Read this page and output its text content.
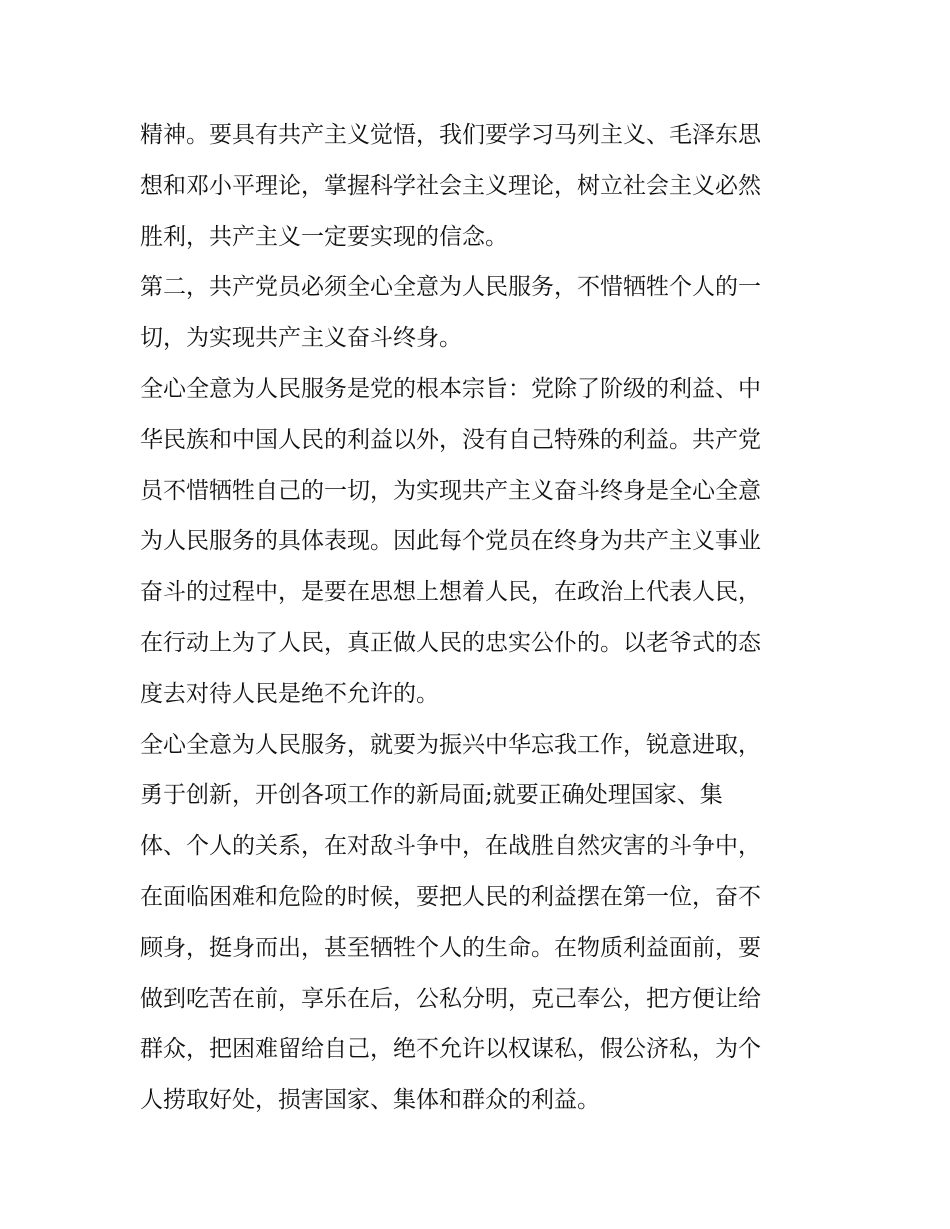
精神。要具有共产主义觉悟，我们要学习马列主义、毛泽东思
想和邓小平理论，掌握科学社会主义理论，树立社会主义必然
胜利，共产主义一定要实现的信念。
第二，共产党员必须全心全意为人民服务，不惜牺牲个人的一
切，为实现共产主义奋斗终身。
全心全意为人民服务是党的根本宗旨：党除了阶级的利益、中
华民族和中国人民的利益以外，没有自己特殊的利益。共产党
员不惜牺牲自己的一切，为实现共产主义奋斗终身是全心全意
为人民服务的具体表现。因此每个党员在终身为共产主义事业
奋斗的过程中，是要在思想上想着人民，在政治上代表人民，
在行动上为了人民，真正做人民的忠实公仆的。以老爷式的态
度去对待人民是绝不允许的。
全心全意为人民服务，就要为振兴中华忘我工作，锐意进取，
勇于创新，开创各项工作的新局面;就要正确处理国家、集
体、个人的关系，在对敌斗争中，在战胜自然灾害的斗争中，
在面临困难和危险的时候，要把人民的利益摆在第一位，奋不
顾身，挺身而出，甚至牺牲个人的生命。在物质利益面前，要
做到吃苦在前，享乐在后，公私分明，克己奉公，把方便让给
群众，把困难留给自己，绝不允许以权谋私，假公济私，为个
人捞取好处，损害国家、集体和群众的利益。
